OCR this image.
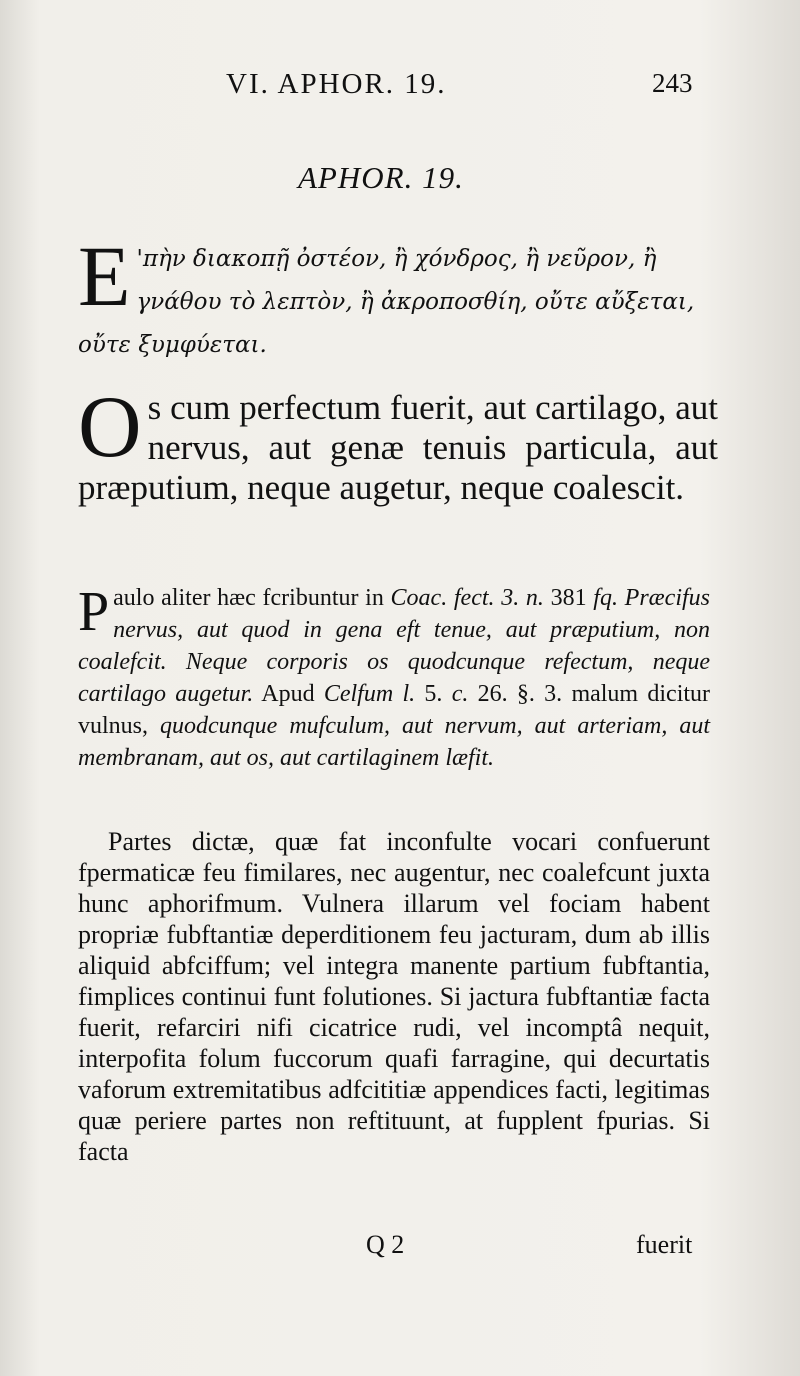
VI. APHOR. 19.	243
APHOR. 19.
E 'πὴν διακοπῇ ὀστέον, ἢ χόνδρος, ἢ νεῦρον, ἢ γνάθου τὸ λεπτὸν, ἢ ἀκροποσθίη, οὔτε αὔξεται, οὔτε ξυμφύεται.
Os cum perfectum fuerit, aut cartilago, aut nervus, aut genæ tenuis particula, aut præputium, neque augetur, neque coalescit.
P aulo aliter hæc fcribuntur in Coac. fect. 3. n. 381 fq. Præcifus nervus, aut quod in gena eft tenue, aut præputium, non coalefcit. Neque corporis os quodcunque refectum, neque cartilago augetur. Apud Celfum l. 5. c. 26. §. 3. malum dicitur vulnus, quodcunque mufculum, aut nervum, aut arteriam, aut membranam, aut os, aut cartilaginem læfit.
Partes dictæ, quæ fat inconfulte vocari confuerunt fpermaticæ feu fimilares, nec augentur, nec coalefcunt juxta hunc aphorifmum. Vulnera illarum vel fociam habent propriæ fubftantiæ deperditionem feu jacturam, dum ab illis aliquid abfciffum; vel integra manente partium fubftantia, fimplices continui funt folutiones. Si jactura fubftantiæ facta fuerit, refarciri nifi cicatrice rudi, vel incomptâ nequit, interpofita folum fuccorum quafi farragine, qui decurtatis vaforum extremitatibus adfcititiæ appendices facti, legitimas quæ periere partes non reftituunt, at fupplent fpurias. Si facta
Q 2	fuerit
